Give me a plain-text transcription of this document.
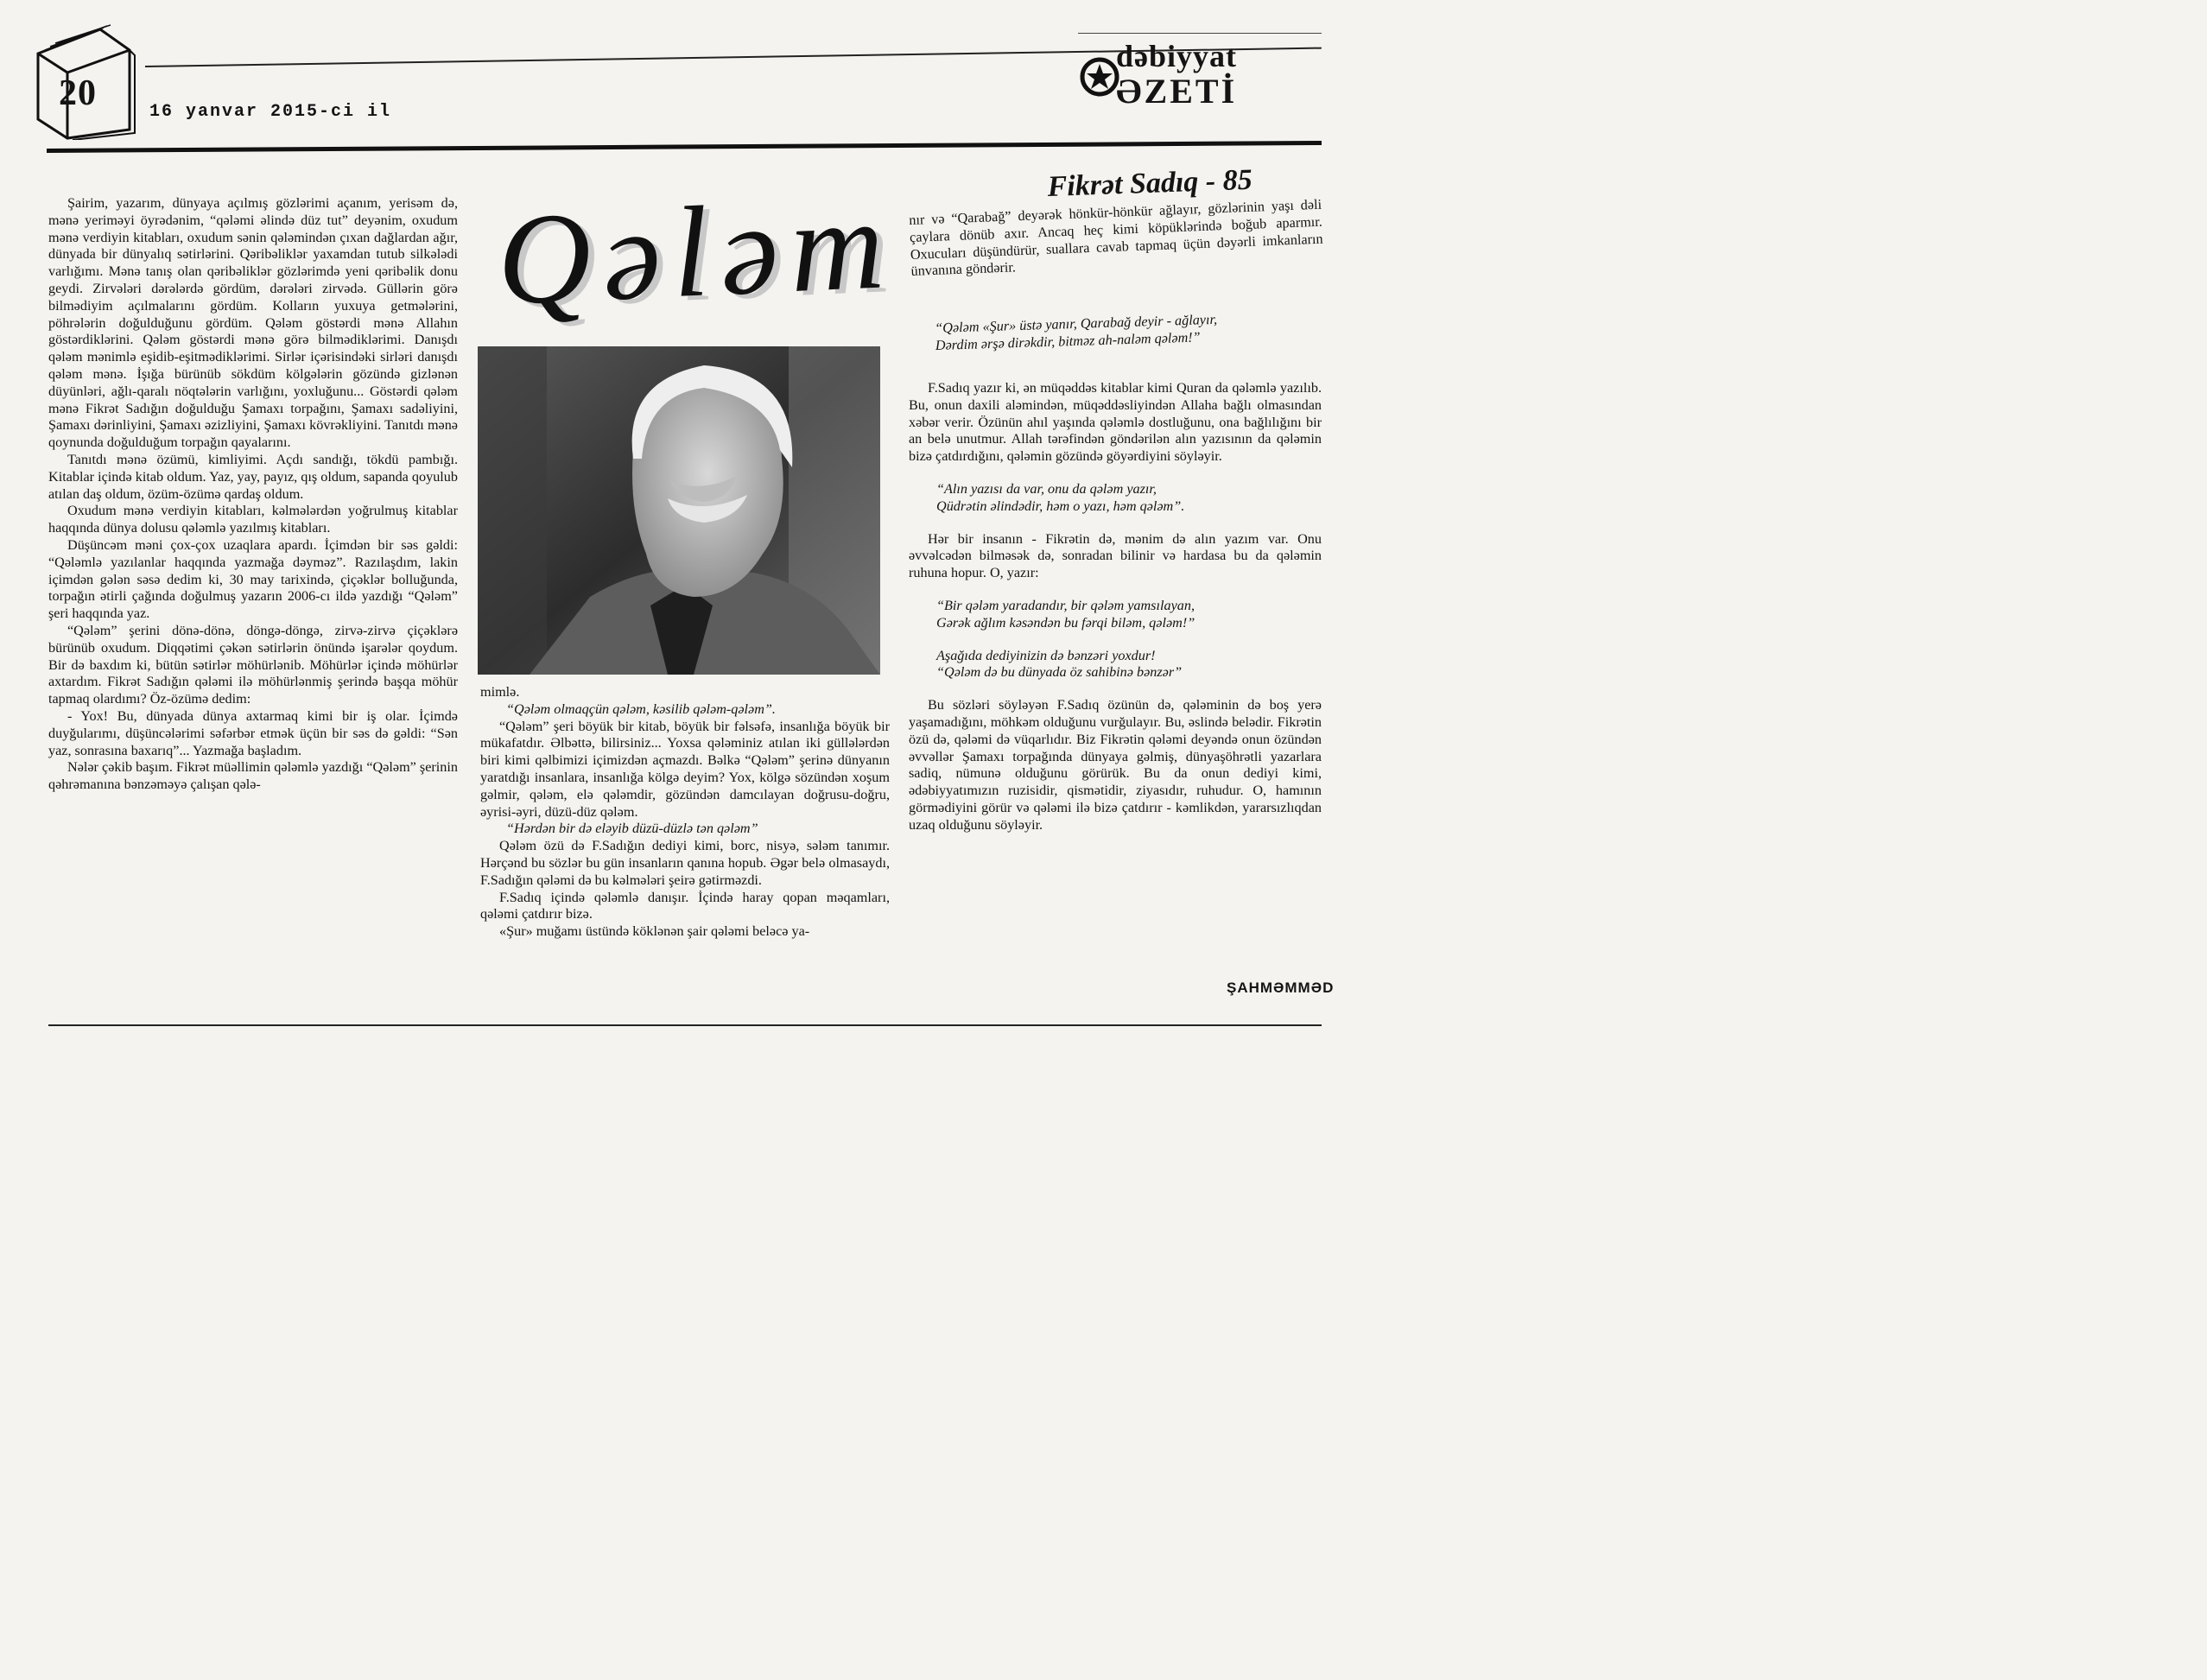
20	16 yanvar 2015-ci il
dəbiyyat
ƏZETİ

Şairim, yazarım, dünyaya açılmış gözlərimi açanım, yerisəm də, mənə yeriməyi öyrədənim, “qələmi əlində düz tut” deyənim, oxudum mənə verdiyin kitabları, oxudum sənin qələmindən çıxan dağlardan ağır, dünyada bir dünyalıq sətirlərini. Qəribəliklər yaxamdan tutub silkələdi varlığımı. Mənə tanış olan qəribəliklər gözlərimdə yeni qəribəlik donu geydi. Zirvələri dərələrdə gördüm, dərələri zirvədə. Güllərin görə bilmədiyim açılmalarını gördüm. Kolların yuxuya getmələrini, pöhrələrin doğulduğunu gördüm. Qələm göstərdi mənə Allahın göstərdiklərini. Qələm göstərdi mənə görə bilmədiklərimi. Danışdı qələm mənimlə eşidib-eşitmədiklərimi. Sirlər içərisindəki sirləri danışdı qələm mənə. İşığa bürünüb sökdüm kölgələrin gözündə gizlənən düyünləri, ağlı-qaralı nöqtələrin varlığını, yoxluğunu... Göstərdi qələm mənə Fikrət Sadığın doğulduğu Şamaxı torpağını, Şamaxı sadəliyini, Şamaxı dərinliyini, Şamaxı əzizliyini, Şamaxı kövrəkliyini. Tanıtdı mənə qoynunda doğulduğum torpağın qayalarını.

Tanıtdı mənə özümü, kimliyimi. Açdı sandığı, tökdü pambığı. Kitablar içində kitab oldum. Yaz, yay, payız, qış oldum, sapanda qoyulub atılan daş oldum, özüm-özümə qardaş oldum.

Oxudum mənə verdiyin kitabları, kəlmələrdən yoğrulmuş kitablar haqqında dünya dolusu qələmlə yazılmış kitabları.

Düşüncəm məni çox-çox uzaqlara apardı. İçimdən bir səs gəldi: “Qələmlə yazılanlar haqqında yazmağa dəyməz”. Razılaşdım, lakin içimdən gələn səsə dedim ki, 30 may tarixində, çiçəklər bolluğunda, torpağın ətirli çağında doğulmuş yazarın 2006-cı ildə yazdığı “Qələm” şeri haqqında yaz.

“Qələm” şerini dönə-dönə, döngə-döngə, zirvə-zirvə çiçəklərə bürünüb oxudum. Diqqətimi çəkən sətirlərin önündə işarələr qoydum. Bir də baxdım ki, bütün sətirlər möhürlənib. Möhürlər içində möhürlər axtardım. Fikrət Sadığın qələmi ilə möhürlənmiş şerində başqa möhür tapmaq olardımı? Öz-özümə dedim:

- Yox! Bu, dünyada dünya axtarmaq kimi bir iş olar. İçimdə duyğularımı, düşüncələrimi səfərbər etmək üçün bir səs də gəldi: “Sən yaz, sonrasına baxarıq”... Yazmağa başladım.

Nələr çəkib başım. Fikrət müəllimin qələmlə yazdığı “Qələm” şerinin qəhrəmanına bənzəməyə çalışan qələ-

Qələm

mimlə.

“Qələm olmaqçün qələm, kəsilib qələm-qələm”.

“Qələm” şeri böyük bir kitab, böyük bir fəlsəfə, insanlığa böyük bir mükafatdır. Əlbəttə, bilirsiniz... Yoxsa qələminiz atılan iki güllələrdən biri kimi qəlbimizi içimizdən açmazdı. Bəlkə “Qələm” şerinə dünyanın yaratdığı insanlara, insanlığa kölgə deyim? Yox, kölgə sözündən xoşum gəlmir, qələm, elə qələmdir, gözündən damcılayan doğrusu-doğru, əyrisi-əyri, düzü-düz qələm.

“Hərdən bir də eləyib düzü-düzlə tən qələm”

Qələm özü də F.Sadığın dediyi kimi, borc, nisyə, sələm tanımır. Hərçənd bu sözlər bu gün insanların qanına hopub. Əgər belə olmasaydı, F.Sadığın qələmi də bu kəlmələri şeirə gətirməzdi.

F.Sadıq içində qələmlə danışır. İçində haray qopan məqamları, qələmi çatdırır bizə.

«Şur» muğamı üstündə köklənən şair qələmi beləcə ya-

Fikrət Sadıq - 85

nır və “Qarabağ” deyərək hönkür-hönkür ağlayır, gözlərinin yaşı dəli çaylara dönüb axır. Ancaq heç kimi köpüklərində boğub aparmır. Oxucuları düşündürür, suallara cavab tapmaq üçün dəyərli imkanların ünvanına göndərir.

“Qələm «Şur» üstə yanır, Qarabağ deyir - ağlayır,

Dərdim ərşə dirəkdir, bitməz ah-naləm qələm!”

F.Sadıq yazır ki, ən müqəddəs kitablar kimi Quran da qələmlə yazılıb. Bu, onun daxili aləmindən, müqəddəsliyindən Allaha bağlı olmasından xəbər verir. Özünün ahıl yaşında qələmlə dostluğunu, ona bağlılığını bir an belə unutmur. Allah tərəfindən göndərilən alın yazısının da qələmin bizə çatdırdığını, qələmin gözündə göyərdiyini söyləyir.

“Alın yazısı da var, onu da qələm yazır,

Qüdrətin əlindədir, həm o yazı, həm qələm”.

Hər bir insanın - Fikrətin də, mənim də alın yazım var. Onu əvvəlcədən bilməsək də, sonradan bilinir və hardasa bu da qələmin ruhuna hopur. O, yazır:

“Bir qələm yaradandır, bir qələm yamsılayan,

Gərək ağlım kəsəndən bu fərqi biləm, qələm!”

Aşağıda dediyinizin də bənzəri yoxdur!

“Qələm də bu dünyada öz sahibinə bənzər”

Bu sözləri söyləyən F.Sadıq özünün də, qələminin də boş yerə yaşamadığını, möhkəm olduğunu vurğulayır. Bu, əslində belədir. Fikrətin özü də, qələmi də vüqarlıdır. Biz Fikrətin qələmi deyəndə onun özündən əvvəllər Şamaxı torpağında dünyaya gəlmiş, dünyaşöhrətli yazarlara sadiq, nümunə olduğunu görürük. Bu da onun dediyi kimi, ədəbiyyatımızın ruzisidir, qismətidir, ziyasıdır, ruhudur. O, hamının görmədiyini görür və qələmi ilə bizə çatdırır - kəmlikdən, yararsızlıqdan uzaq olduğunu söyləyir.

ŞAHMƏMMƏD
